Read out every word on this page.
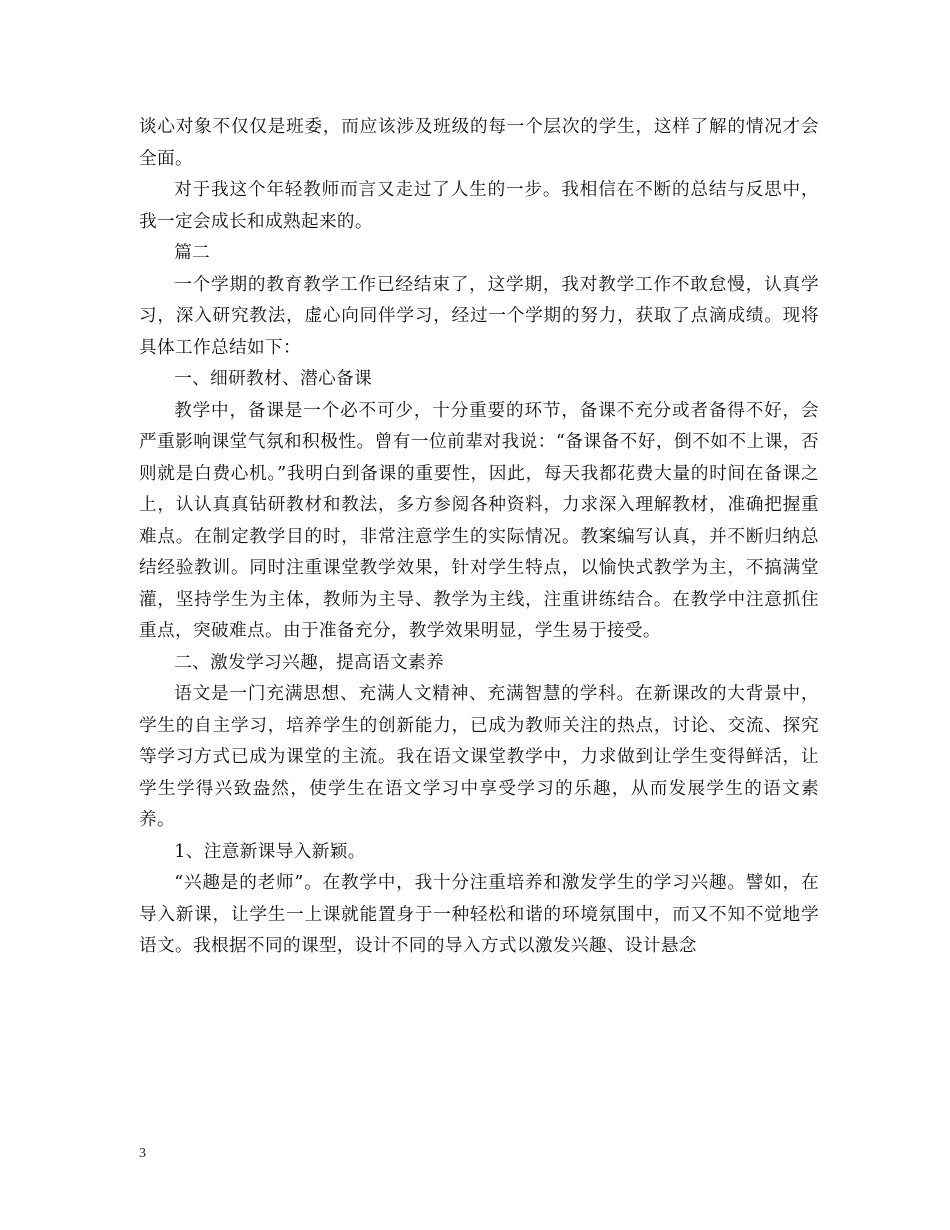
谈心对象不仅仅是班委，而应该涉及班级的每一个层次的学生，这样了解的情况才会全面。

对于我这个年轻教师而言又走过了人生的一步。我相信在不断的总结与反思中，我一定会成长和成熟起来的。

篇二

一个学期的教育教学工作已经结束了，这学期，我对教学工作不敢怠慢，认真学习，深入研究教法，虚心向同伴学习，经过一个学期的努力，获取了点滴成绩。现将具体工作总结如下：

一、细研教材、潜心备课

教学中，备课是一个必不可少，十分重要的环节，备课不充分或者备得不好，会严重影响课堂气氛和积极性。曾有一位前辈对我说：“备课备不好，倒不如不上课，否则就是白费心机。”我明白到备课的重要性，因此，每天我都花费大量的时间在备课之上，认认真真钻研教材和教法，多方参阅各种资料，力求深入理解教材，准确把握重难点。在制定教学目的时，非常注意学生的实际情况。教案编写认真，并不断归纳总结经验教训。同时注重课堂教学效果，针对学生特点，以愉快式教学为主，不搞满堂灌，坚持学生为主体，教师为主导、教学为主线，注重讲练结合。在教学中注意抓住重点，突破难点。由于准备充分，教学效果明显，学生易于接受。

二、激发学习兴趣，提高语文素养

语文是一门充满思想、充满人文精神、充满智慧的学科。在新课改的大背景中，学生的自主学习，培养学生的创新能力，已成为教师关注的热点，讨论、交流、探究等学习方式已成为课堂的主流。我在语文课堂教学中，力求做到让学生变得鲜活，让学生学得兴致盎然，使学生在语文学习中享受学习的乐趣，从而发展学生的语文素养。

1、注意新课导入新颖。

“兴趣是的老师”。在教学中，我十分注重培养和激发学生的学习兴趣。譬如，在导入新课，让学生一上课就能置身于一种轻松和谐的环境氛围中，而又不知不觉地学语文。我根据不同的课型，设计不同的导入方式以激发兴趣、设计悬念

3
